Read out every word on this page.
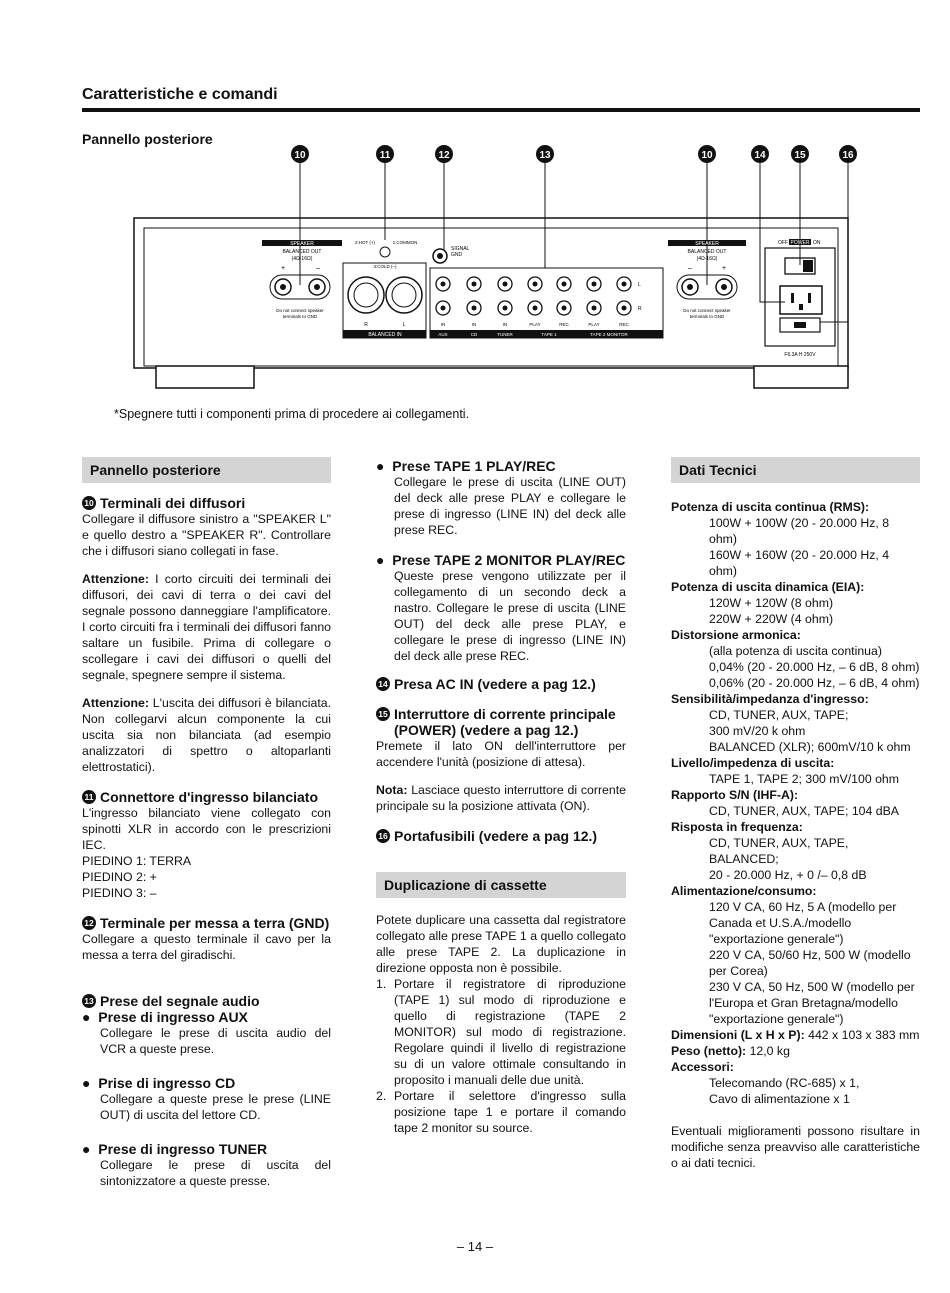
Caratteristiche e comandi
Pannello posteriore
10	11	12	13	10	14	15	16
SPEAKER
BALANCED OUT
(4Ω-16Ω)
+	–
Do not connect speaker
terminals to GND
2:HOT (+)	1:COMMON
3:COLD (–)
R	L
BALANCED IN
SIGNAL
GND
L
R
IN	IN	IN	PLAY	REC	PLAY	REC
AUX	CD	TUNER	TAPE 1	TAPE 2 MONITOR
SPEAKER
BALANCED OUT
(4Ω-16Ω)
–	+
Do not connect speaker
terminals to GND
OFF POWER ON
F6.3A H 250V
*Spegnere tutti i componenti prima di procedere ai collegamenti.
Pannello posteriore
10 Terminali dei diffusori

Collegare il diffusore sinistro a "SPEAKER L" e quello destro a "SPEAKER R". Controllare che i diffusori siano collegati in fase.

Attenzione: I corto circuiti dei terminali dei diffusori, dei cavi di terra o dei cavi del segnale possono danneggiare l'amplificatore. I corto circuiti fra i terminali dei diffusori fanno saltare un fusibile. Prima di collegare o scollegare i cavi dei diffusori o quelli del segnale, spegnere sempre il sistema.

Attenzione: L'uscita dei diffusori è bilanciata. Non collegarvi alcun componente la cui uscita sia non bilanciata (ad esempio analizzatori di spettro o altoparlanti elettrostatici).

11 Connettore d'ingresso bilanciato

L'ingresso bilanciato viene collegato con spinotti XLR in accordo con le prescrizioni IEC.

PIEDINO 1: TERRA
PIEDINO 2: +
PIEDINO 3: –
12 Terminale per messa a terra (GND)

Collegare a questo terminale il cavo per la messa a terra del giradischi.

13 Prese del segnale audio
●  Prese di ingresso AUX

Collegare le prese di uscita audio del VCR a queste prese.

●  Prise di ingresso CD

Collegare a queste prese le prese (LINE OUT) di uscita del lettore CD.

●  Prese di ingresso TUNER

Collegare le prese di uscita del sintonizzatore a queste presse.

●  Prese TAPE 1 PLAY/REC

Collegare le prese di uscita (LINE OUT) del deck alle prese PLAY e collegare le prese di ingresso (LINE IN) del deck alle prese REC.

●  Prese TAPE 2 MONITOR PLAY/REC

Queste prese vengono utilizzate per il collegamento di un secondo deck a nastro. Collegare le prese di uscita (LINE OUT) del deck alle prese PLAY, e collegare le prese di ingresso (LINE IN) del deck alle prese REC.

14 Presa AC IN (vedere a pag 12.)
15 Interruttore di corrente principale
(POWER) (vedere a pag 12.)

Premete il lato ON dell'interruttore per accendere l'unità (posizione di attesa).

Nota: Lasciace questo interruttore di corrente principale su la posizione attivata (ON).

16 Portafusibili (vedere a pag 12.)
Duplicazione di cassette

Potete duplicare una cassetta dal registratore collegato alle prese TAPE 1 a quello collegato alle prese TAPE 2. La duplicazione in direzione opposta non è possibile.

1. Portare il registratore di riproduzione (TAPE 1) sul modo di riproduzione e quello di registrazione (TAPE 2 MONITOR) sul modo di registrazione. Regolare quindi il livello di registrazione su di un valore ottimale consultando in proposito i manuali delle due unità.

2. Portare il selettore d'ingresso sulla posizione tape 1 e portare il comando tape 2 monitor su source.

Dati Tecnici
Potenza di uscita continua (RMS):
100W + 100W (20 - 20.000 Hz, 8 ohm)
160W + 160W (20 - 20.000 Hz, 4 ohm)
Potenza di uscita dinamica (EIA):
120W + 120W (8 ohm)
220W + 220W (4 ohm)
Distorsione armonica:
(alla potenza di uscita continua)
0,04% (20 - 20.000 Hz, – 6 dB, 8 ohm)
0,06% (20 - 20.000 Hz, – 6 dB, 4 ohm)
Sensibilità/impedanza d'ingresso:
CD, TUNER, AUX, TAPE;
300 mV/20 k ohm
BALANCED (XLR); 600mV/10 k ohm
Livello/impedenza di uscita:
TAPE 1, TAPE 2; 300 mV/100 ohm
Rapporto S/N (IHF-A):
CD, TUNER, AUX, TAPE; 104 dBA
Risposta in frequenza:
CD, TUNER, AUX, TAPE, BALANCED;
20 - 20.000 Hz, + 0 /– 0,8 dB
Alimentazione/consumo:
120 V CA, 60 Hz, 5 A (modello per Canada et U.S.A./modello "exportazione generale")
220 V CA, 50/60 Hz, 500 W (modello per Corea)
230 V CA, 50 Hz, 500 W (modello per l'Europa et Gran Bretagna/modello "exportazione generale")
Dimensioni (L x H x P): 442 x 103 x 383 mm
Peso (netto): 12,0 kg
Accessori:
Telecomando (RC-685) x 1,
Cavo di alimentazione x 1

Eventuali miglioramenti possono risultare in modifiche senza preavviso alle caratteristiche o ai dati tecnici.

– 14 –
